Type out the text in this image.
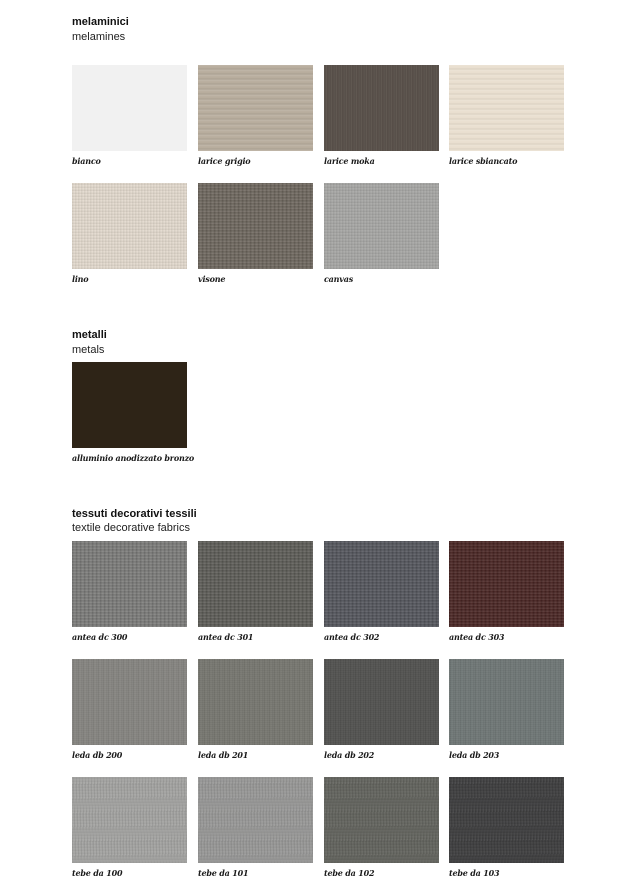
melaminici
melamines
bianco	larice grigio	larice moka	larice sbiancato
lino	visone	canvas
metalli
metals
alluminio anodizzato bronzo
tessuti decorativi tessili
textile decorative fabrics
antea dc 300	antea dc 301	antea dc 302	antea dc 303
leda db 200	leda db 201	leda db 202	leda db 203
tebe da 100	tebe da 101	tebe da 102	tebe da 103
